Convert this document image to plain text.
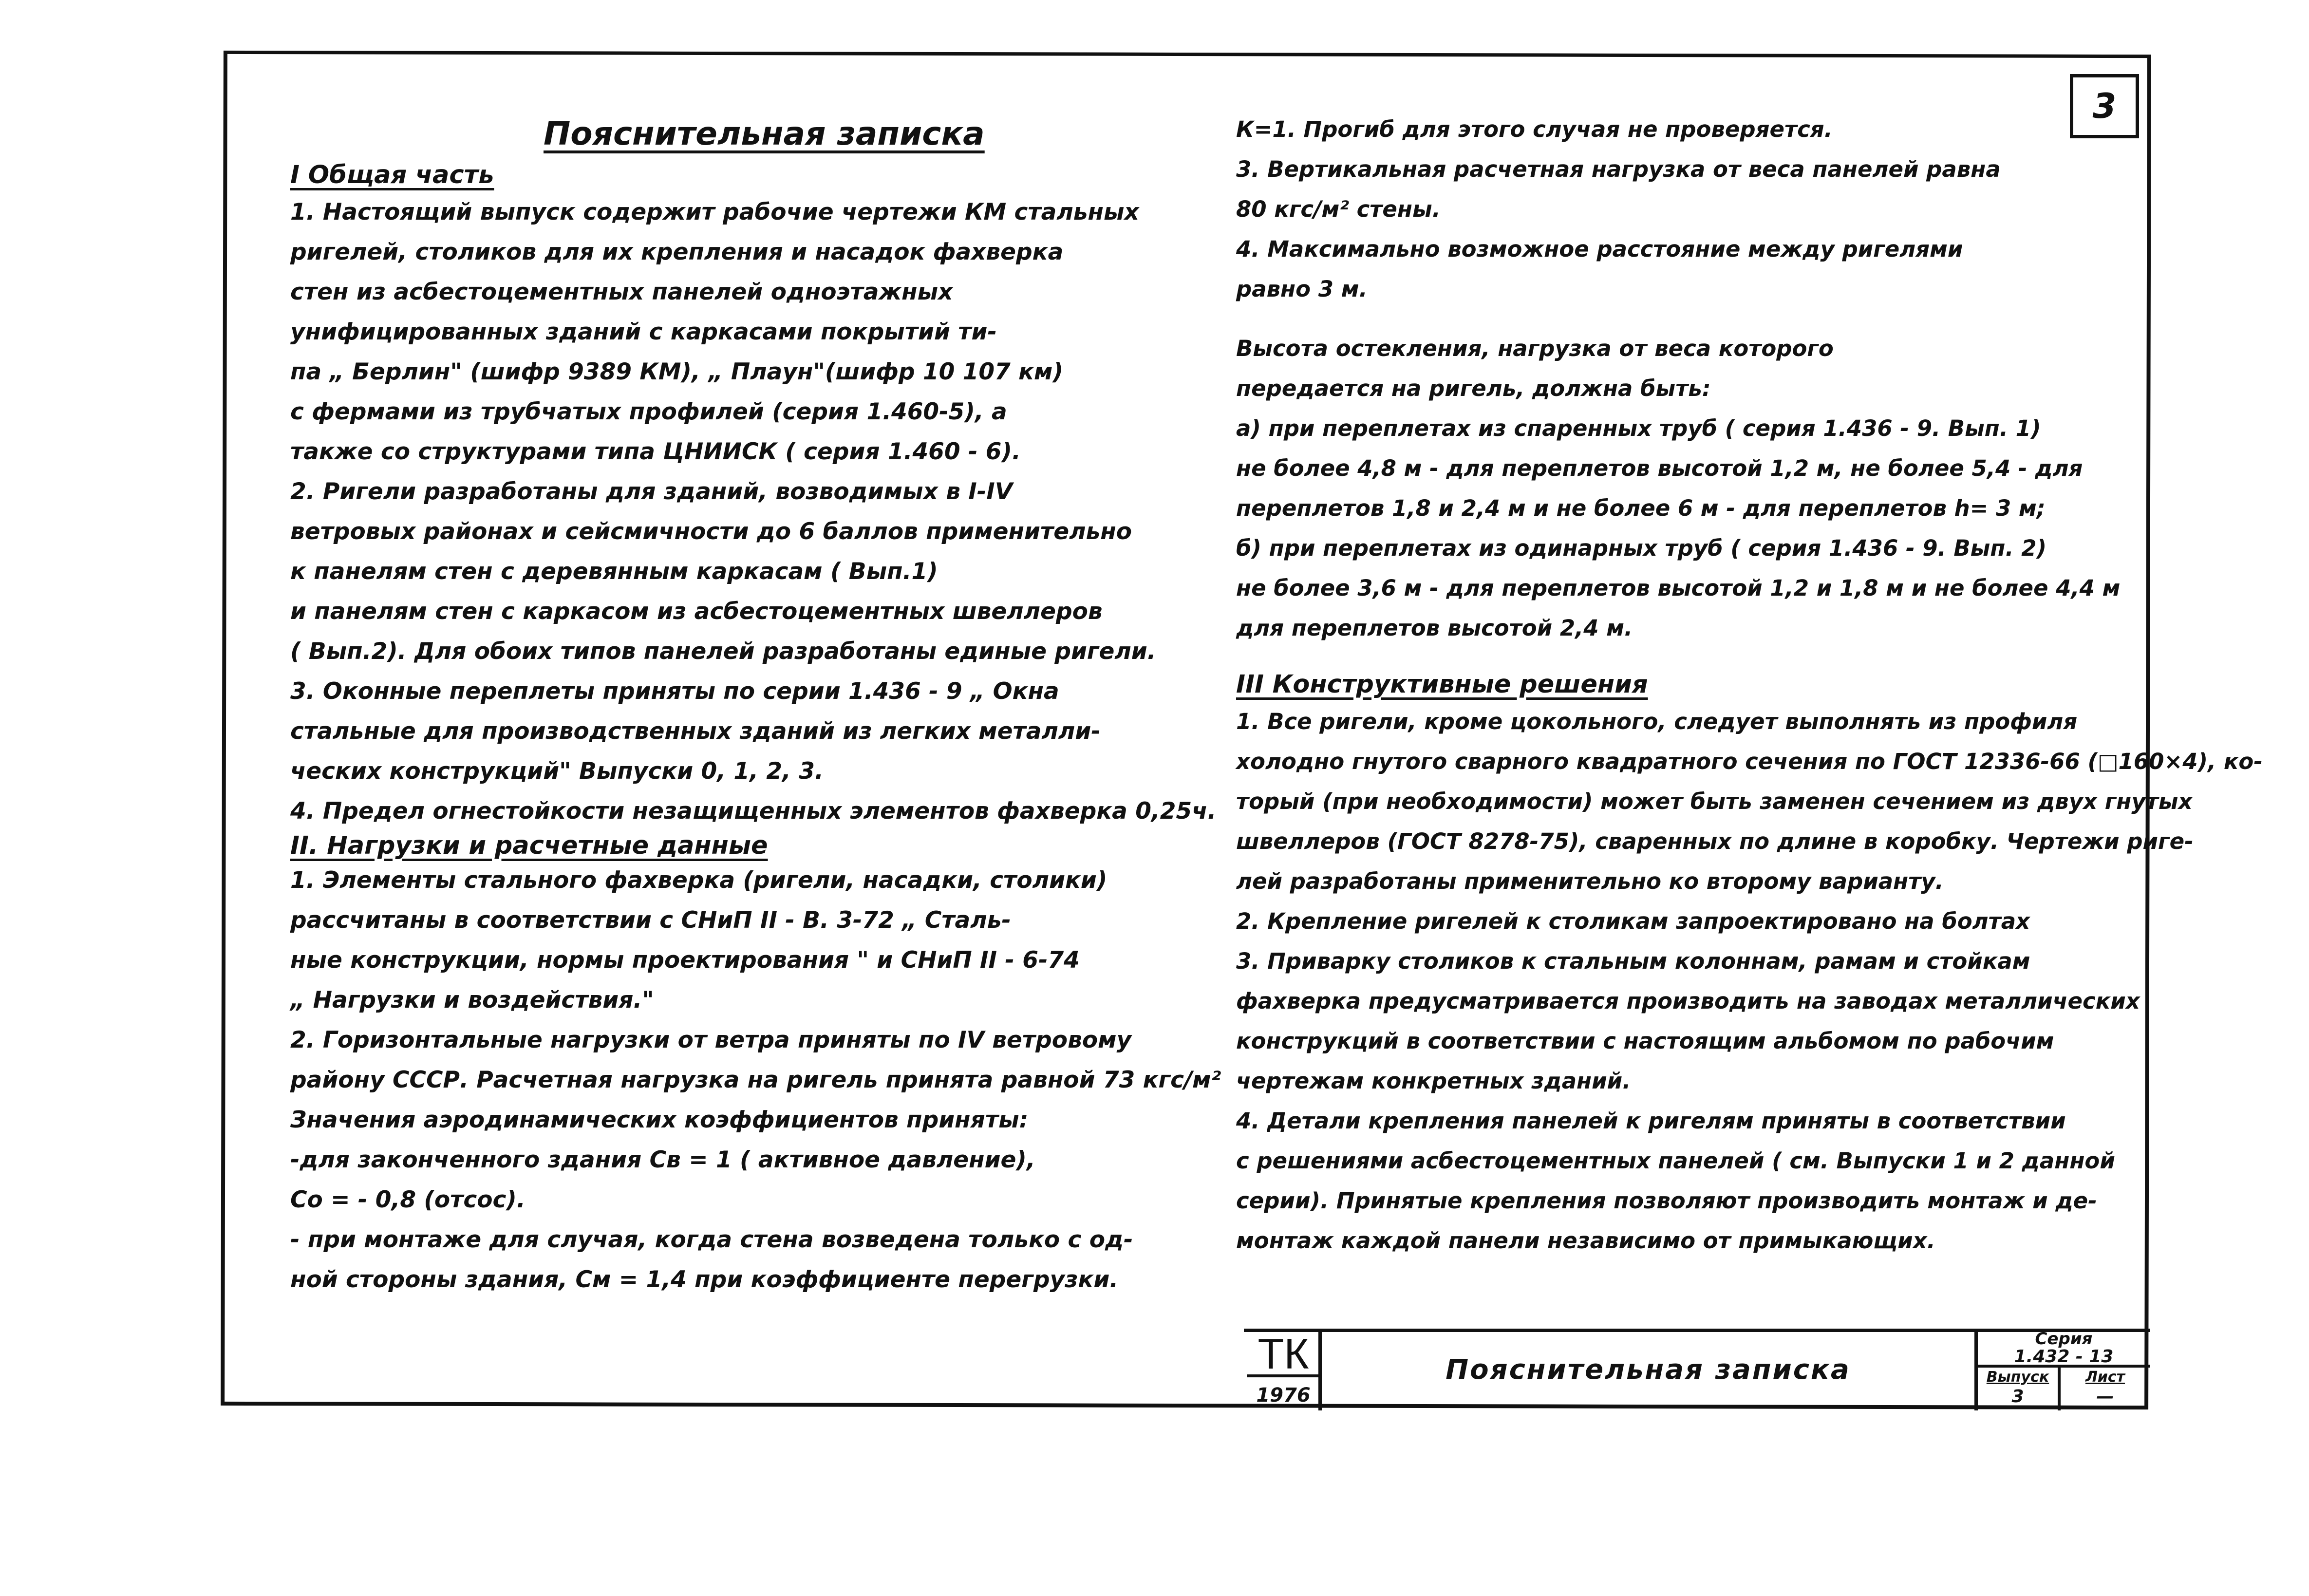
3
Пояснительная записка
I Общая часть
1. Настоящий выпуск содержит рабочие чертежи КМ стальных
ригелей, столиков для их крепления и насадок фахверка
стен из асбестоцементных панелей одноэтажных
унифицированных зданий с каркасами покрытий ти-
па „ Берлин" (шифр 9389 КМ), „ Плаун"(шифр 10 107 км)
с фермами из трубчатых профилей (серия 1.460-5), а
также со структурами типа ЦНИИСК ( серия 1.460 - 6).
2. Ригели разработаны для зданий, возводимых в I-IV
ветровых районах и сейсмичности до 6 баллов применительно
к панелям стен с деревянным каркасам ( Вып.1)
и панелям стен с каркасом из асбестоцементных швеллеров
( Вып.2). Для обоих типов панелей разработаны единые ригели.
3. Оконные переплеты приняты по серии 1.436 - 9 „ Окна
стальные для производственных зданий из легких металли-
ческих конструкций" Выпуски 0, 1, 2, 3.
4. Предел огнестойкости незащищенных элементов фахверка 0,25ч.
II. Нагрузки и расчетные данные
1. Элементы стального фахверка (ригели, насадки, столики)
рассчитаны в соответствии с СНиП II - В. 3-72 „ Сталь-
ные конструкции, нормы проектирования " и СНиП II - 6-74
„ Нагрузки и воздействия."
2. Горизонтальные нагрузки от ветра приняты по IV ветровому
району СССР. Расчетная нагрузка на ригель принята равной 73 кгс/м²
Значения аэродинамических коэффициентов приняты:
-для законченного здания Св = 1 ( активное давление),
Со = - 0,8 (отсос).
- при монтаже для случая, когда стена возведена только с од-
ной стороны здания, См = 1,4 при коэффициенте перегрузки.
К=1. Прогиб для этого случая не проверяется.
3. Вертикальная расчетная нагрузка от веса панелей равна
80 кгс/м² стены.
4. Максимально возможное расстояние между ригелями
равно 3 м.
Высота остекления, нагрузка от веса которого
передается на ригель, должна быть:
а) при переплетах из спаренных труб ( серия 1.436 - 9. Вып. 1)
не более 4,8 м - для переплетов высотой 1,2 м, не более 5,4 - для
переплетов 1,8 и 2,4 м и не более 6 м - для переплетов h= 3 м;
б) при переплетах из одинарных труб ( серия 1.436 - 9. Вып. 2)
не более 3,6 м - для переплетов высотой 1,2 и 1,8 м и не более 4,4 м
для переплетов высотой 2,4 м.
III Конструктивные решения
1. Все ригели, кроме цокольного, следует выполнять из профиля
холодно гнутого сварного квадратного сечения по ГОСТ 12336-66 (□160×4), ко-
торый (при необходимости) может быть заменен сечением из двух гнутых
швеллеров (ГОСТ 8278-75), сваренных по длине в коробку. Чертежи риге-
лей разработаны применительно ко второму варианту.
2. Крепление ригелей к столикам запроектировано на болтах
3. Приварку столиков к стальным колоннам, рамам и стойкам
фахверка предусматривается производить на заводах металлических
конструкций в соответствии с настоящим альбомом по рабочим
чертежам конкретных зданий.
4. Детали крепления панелей к ригелям приняты в соответствии
с решениями асбестоцементных панелей ( см. Выпуски 1 и 2 данной
серии). Принятые крепления позволяют производить монтаж и де-
монтаж каждой панели независимо от примыкающих.
ТК
1976
Пояснительная записка
Серия
1.432 - 13
Выпуск
3
Лист
—
